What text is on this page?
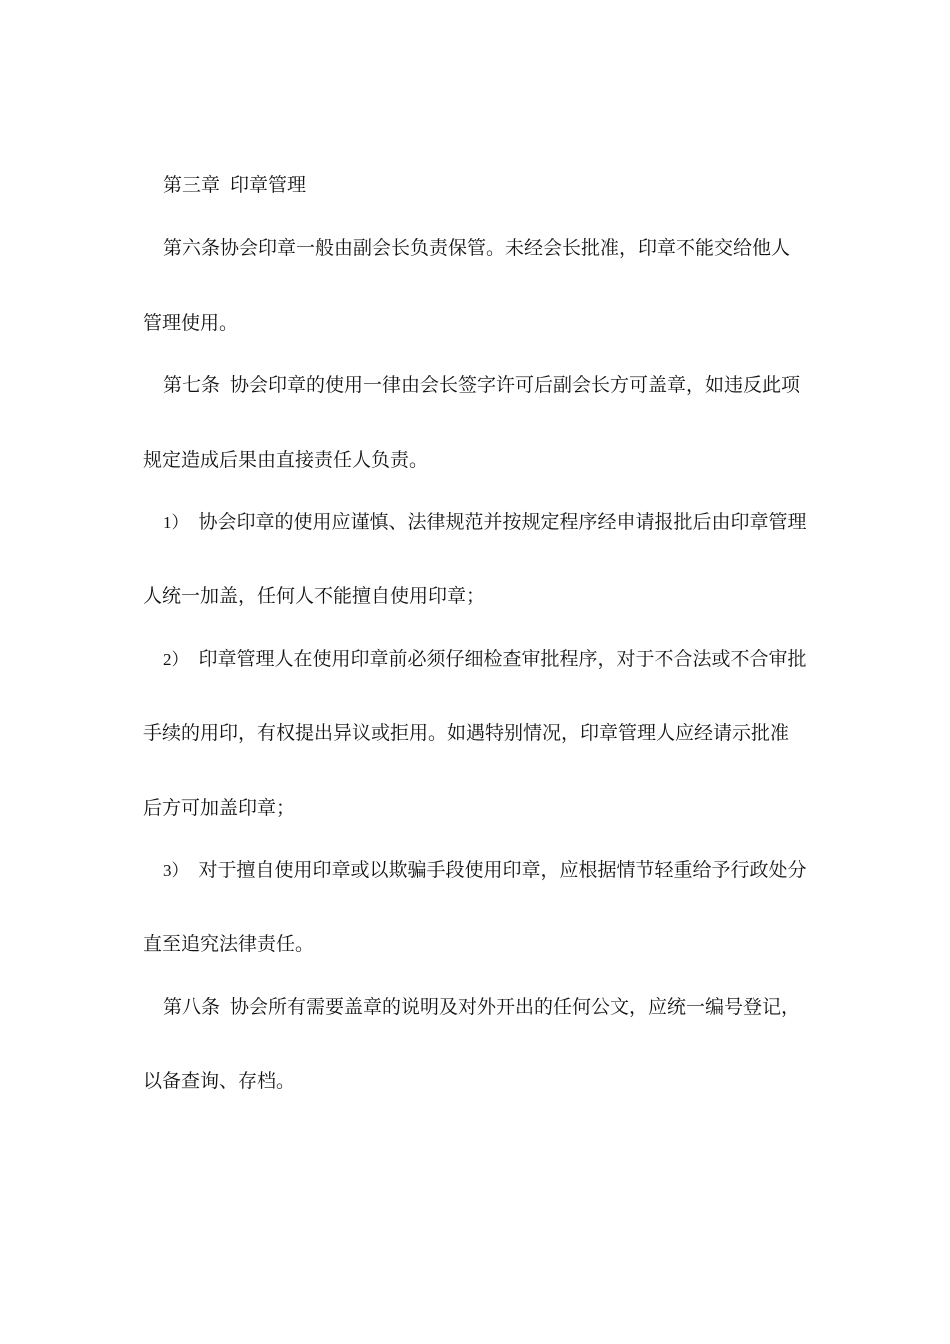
第三章 印章管理

第六条协会印章一般由副会长负责保管。未经会长批准，印章不能交给他人

管理使用。

第七条 协会印章的使用一律由会长签字许可后副会长方可盖章，如违反此项

规定造成后果由直接责任人负责。

1） 协会印章的使用应谨慎、法律规范并按规定程序经申请报批后由印章管理

人统一加盖，任何人不能擅自使用印章；

2） 印章管理人在使用印章前必须仔细检查审批程序，对于不合法或不合审批

手续的用印，有权提出异议或拒用。如遇特别情况，印章管理人应经请示批准

后方可加盖印章；

3） 对于擅自使用印章或以欺骗手段使用印章，应根据情节轻重给予行政处分

直至追究法律责任。

第八条 协会所有需要盖章的说明及对外开出的任何公文，应统一编号登记，

以备查询、存档。
